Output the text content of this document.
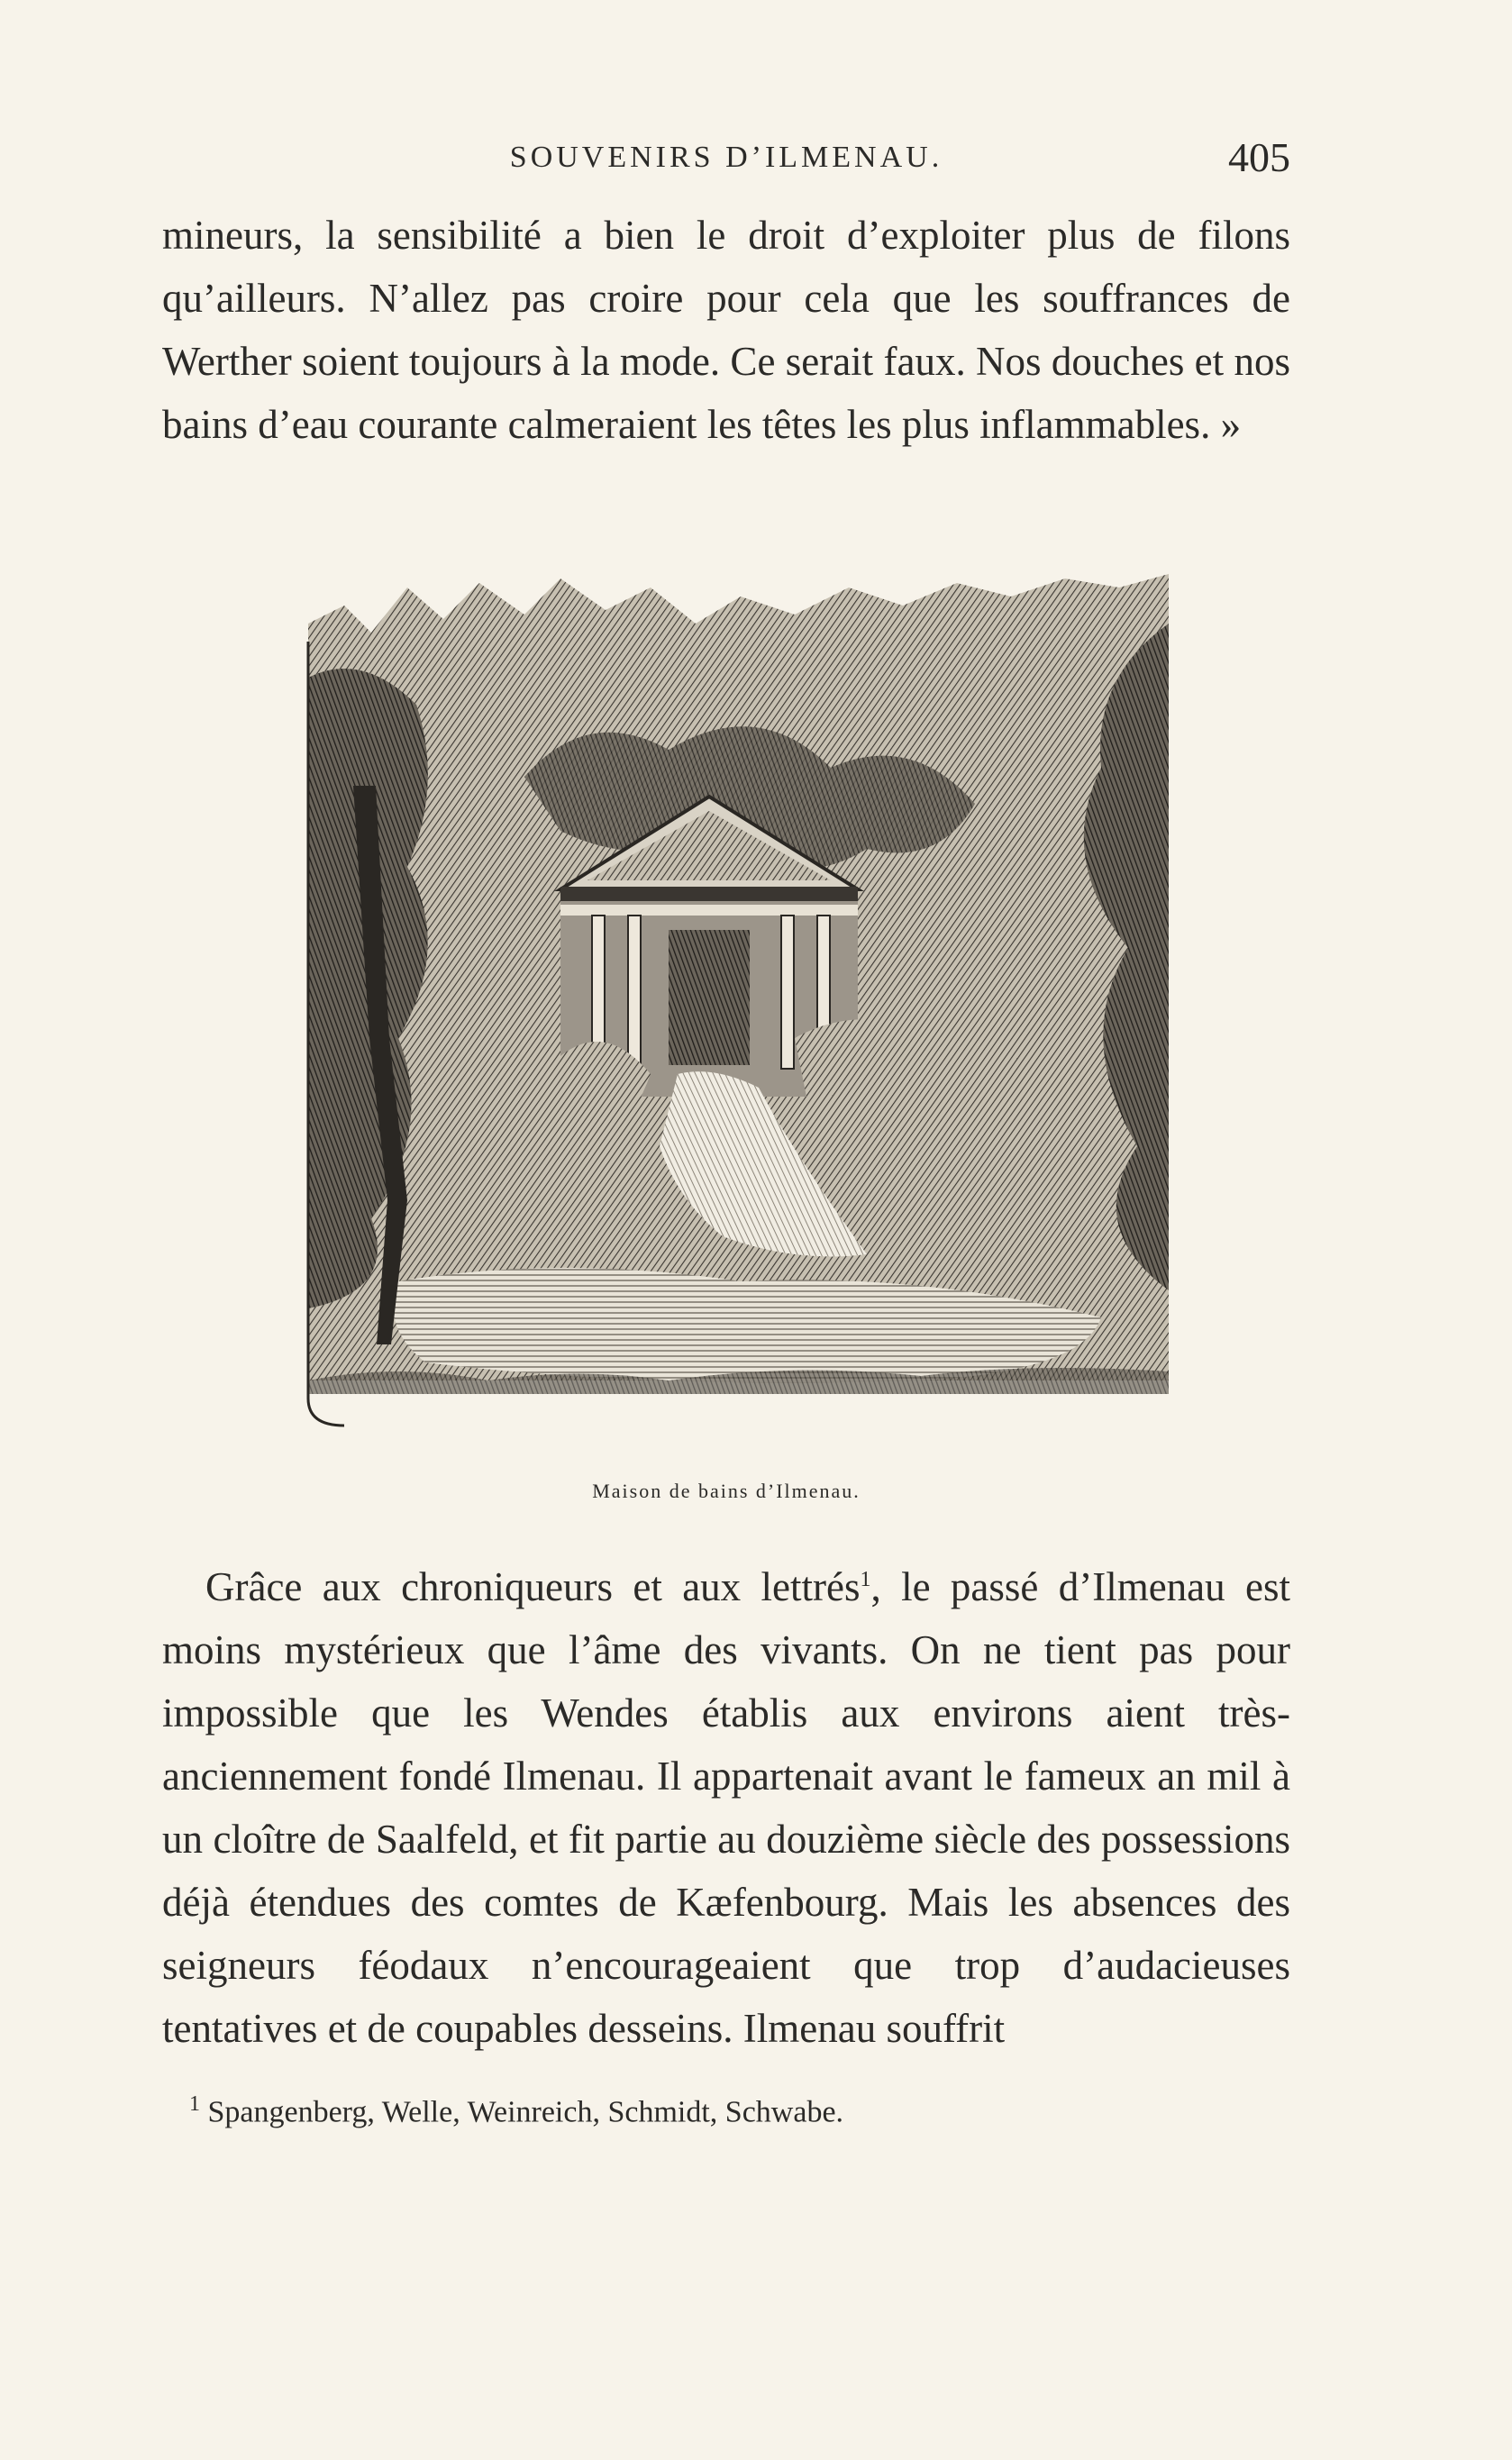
SOUVENIRS D’ILMENAU.	405

mineurs, la sensibilité a bien le droit d’exploiter plus de filons qu’ailleurs. N’allez pas croire pour cela que les souffrances de Werther soient toujours à la mode. Ce serait faux. Nos douches et nos bains d’eau courante calmeraient les têtes les plus inflammables. »

Maison de bains d’Ilmenau.

Grâce aux chroniqueurs et aux lettrés$^1$, le passé d’Ilmenau est moins mystérieux que l’âme des vivants. On ne tient pas pour impossible que les Wendes établis aux environs aient très-anciennement fondé Ilmenau. Il appartenait avant le fameux an mil à un cloître de Saalfeld, et fit partie au douzième siècle des possessions déjà étendues des comtes de Kæfenbourg. Mais les absences des seigneurs féodaux n’encourageaient que trop d’audacieuses tentatives et de coupables desseins. Ilmenau souffrit

$^1$ Spangenberg, Welle, Weinreich, Schmidt, Schwabe.
